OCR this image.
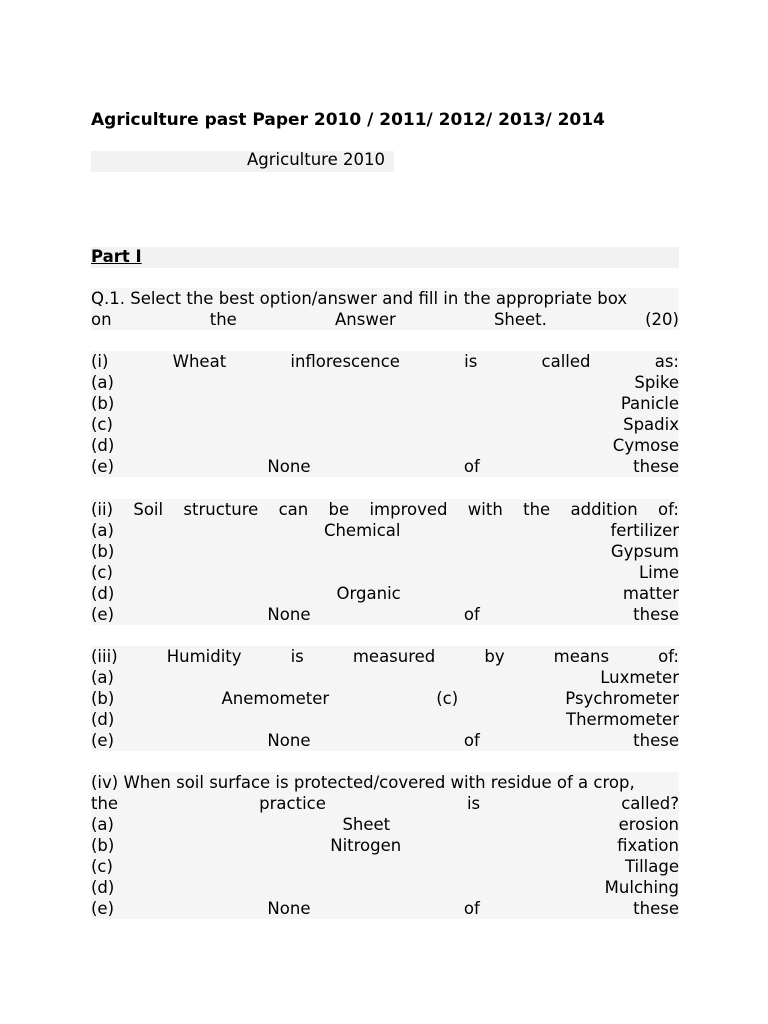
Agriculture past Paper 2010 / 2011/ 2012/ 2013/ 2014
Agriculture 2010
Part I
Q.1. Select the best option/answer and fill in the appropriate box
on	the	Answer	Sheet.	(20)
(i)	Wheat	inflorescence	is	called	as:
(a)	Spike
(b)	Panicle
(c)	Spadix
(d)	Cymose
(e)	None	of	these
(ii) Soil structure can be improved with the addition of:
(a)	Chemical	fertilizer
(b)	Gypsum
(c)	Lime
(d)	Organic	matter
(e)	None	of	these
(iii)	Humidity	is	measured	by	means	of:
(a)	Luxmeter
(b)	Anemometer	(c)	Psychrometer
(d)	Thermometer
(e)	None	of	these
(iv) When soil surface is protected/covered with residue of a crop,
the	practice	is	called?
(a)	Sheet	erosion
(b)	Nitrogen	fixation
(c)	Tillage
(d)	Mulching
(e)	None	of	these
